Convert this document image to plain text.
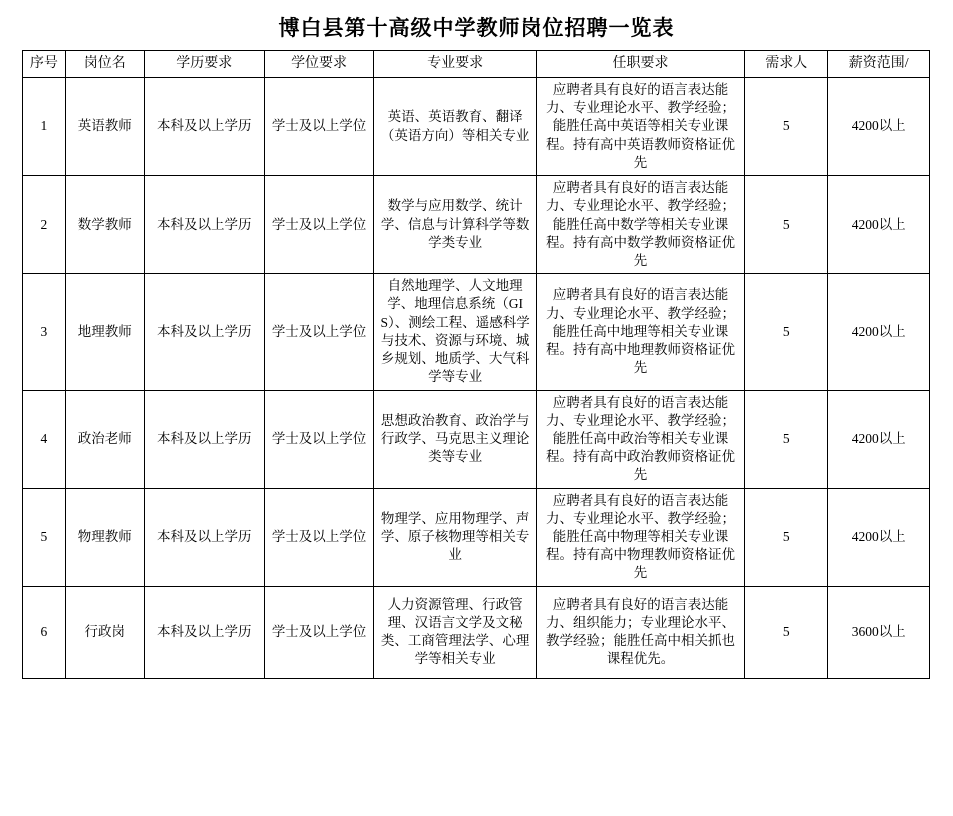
博白县第十高级中学教师岗位招聘一览表
序号	岗位名	学历要求	学位要求	专业要求	任职要求	需求人	薪资范围/
1	英语教师	本科及以上学历	学士及以上学位	英语、英语教育、翻译（英语方向）等相关专业	应聘者具有良好的语言表达能力、专业理论水平、教学经验；能胜任高中英语等相关专业课程。持有高中英语教师资格证优先	5	4200以上
2	数学教师	本科及以上学历	学士及以上学位	数学与应用数学、统计学、信息与计算科学等数学类专业	应聘者具有良好的语言表达能力、专业理论水平、教学经验；能胜任高中数学等相关专业课程。持有高中数学教师资格证优先	5	4200以上
3	地理教师	本科及以上学历	学士及以上学位	自然地理学、人文地理学、地理信息系统（GIS）、测绘工程、遥感科学与技术、资源与环境、城乡规划、地质学、大气科学等专业	应聘者具有良好的语言表达能力、专业理论水平、教学经验；能胜任高中地理等相关专业课程。持有高中地理教师资格证优先	5	4200以上
4	政治老师	本科及以上学历	学士及以上学位	思想政治教育、政治学与行政学、马克思主义理论类等专业	应聘者具有良好的语言表达能力、专业理论水平、教学经验；能胜任高中政治等相关专业课程。持有高中政治教师资格证优先	5	4200以上
5	物理教师	本科及以上学历	学士及以上学位	物理学、应用物理学、声学、原子核物理等相关专业	应聘者具有良好的语言表达能力、专业理论水平、教学经验；能胜任高中物理等相关专业课程。持有高中物理教师资格证优先	5	4200以上
6	行政岗	本科及以上学历	学士及以上学位	人力资源管理、行政管理、汉语言文学及文秘类、工商管理法学、心理学等相关专业	应聘者具有良好的语言表达能力、组织能力；专业理论水平、教学经验；能胜任高中相关抓也课程优先。	5	3600以上
